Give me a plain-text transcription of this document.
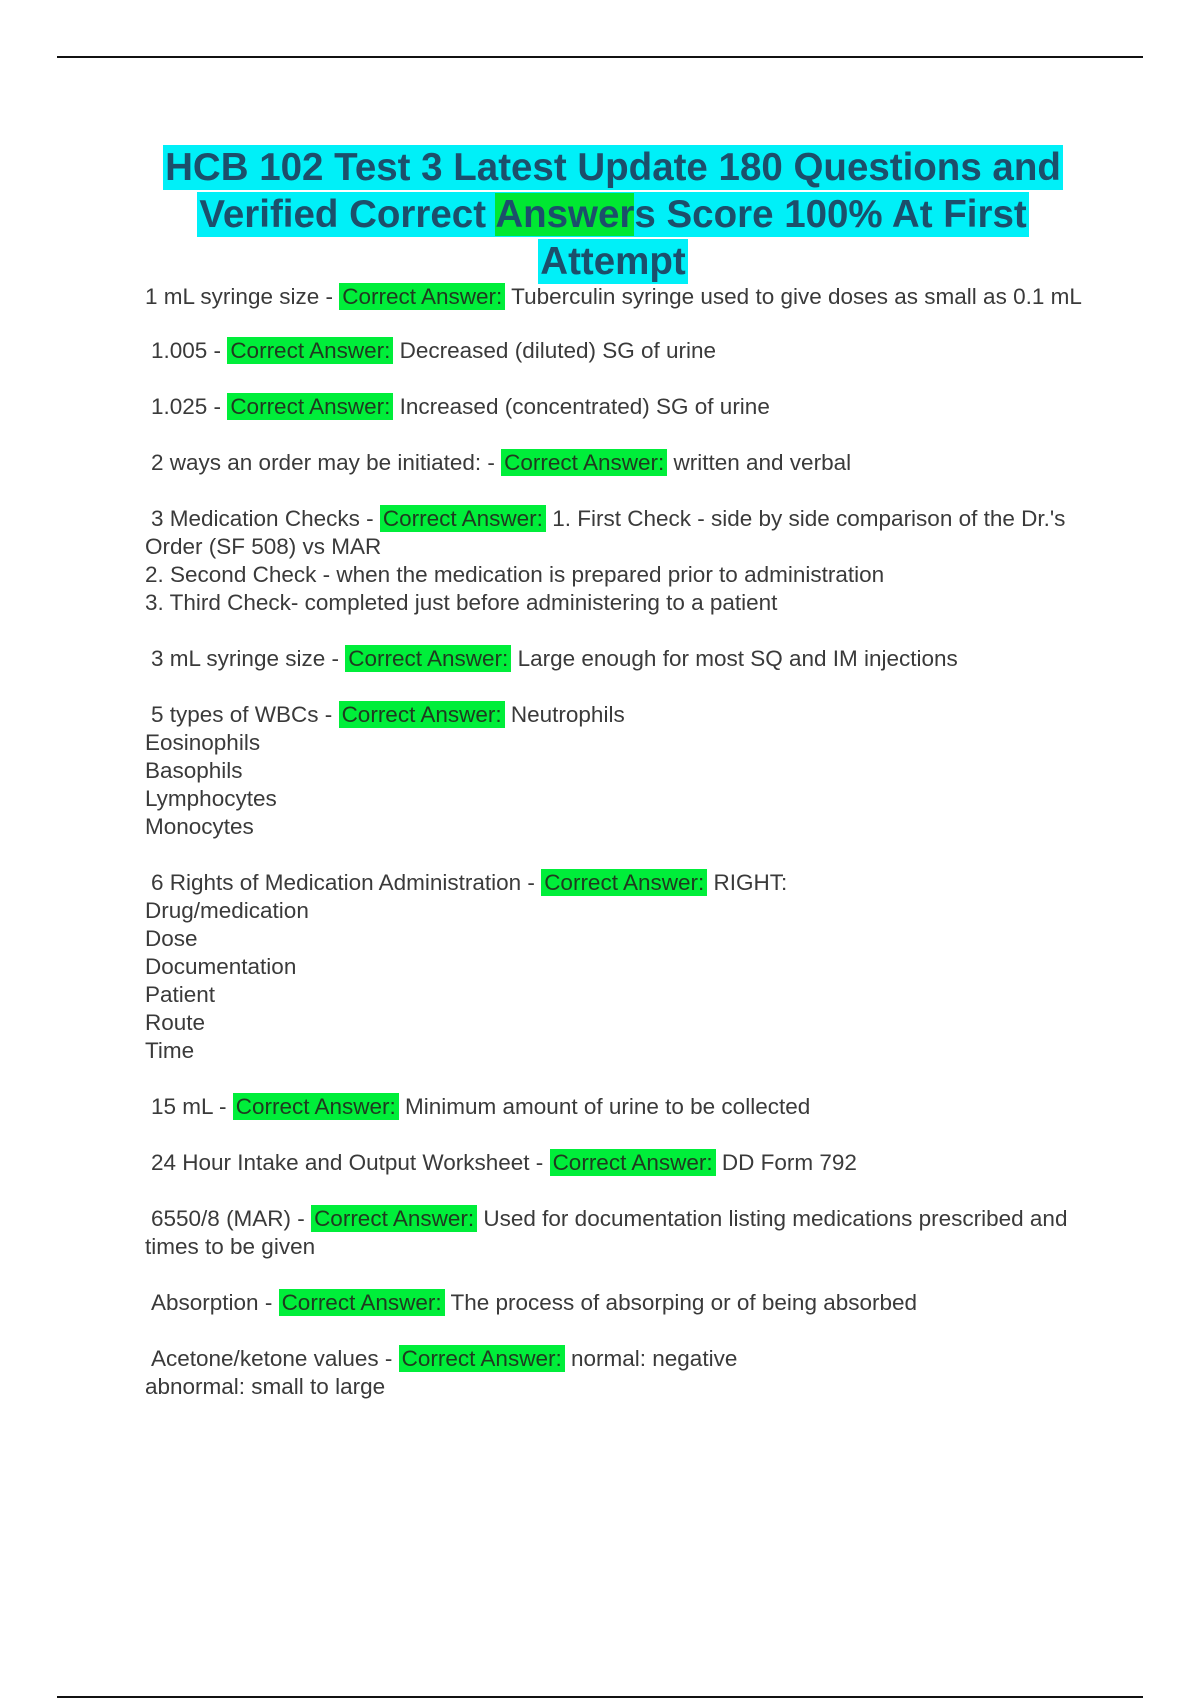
HCB 102 Test 3 Latest Update 180 Questions and Verified Correct Answers Score 100% At First Attempt
1 mL syringe size - Correct Answer: Tuberculin syringe used to give doses as small as 0.1 mL
1.005 - Correct Answer: Decreased (diluted) SG of urine
1.025 - Correct Answer: Increased (concentrated) SG of urine
2 ways an order may be initiated: - Correct Answer: written and verbal
3 Medication Checks - Correct Answer: 1. First Check - side by side comparison of the Dr.'s Order (SF 508) vs MAR
2. Second Check - when the medication is prepared prior to administration
3. Third Check- completed just before administering to a patient
3 mL syringe size - Correct Answer: Large enough for most SQ and IM injections
5 types of WBCs - Correct Answer: Neutrophils
Eosinophils
Basophils
Lymphocytes
Monocytes
6 Rights of Medication Administration - Correct Answer: RIGHT:
Drug/medication
Dose
Documentation
Patient
Route
Time
15 mL - Correct Answer: Minimum amount of urine to be collected
24 Hour Intake and Output Worksheet - Correct Answer: DD Form 792
6550/8 (MAR) - Correct Answer: Used for documentation listing medications prescribed and times to be given
Absorption - Correct Answer: The process of absorping or of being absorbed
Acetone/ketone values - Correct Answer: normal: negative
abnormal: small to large
